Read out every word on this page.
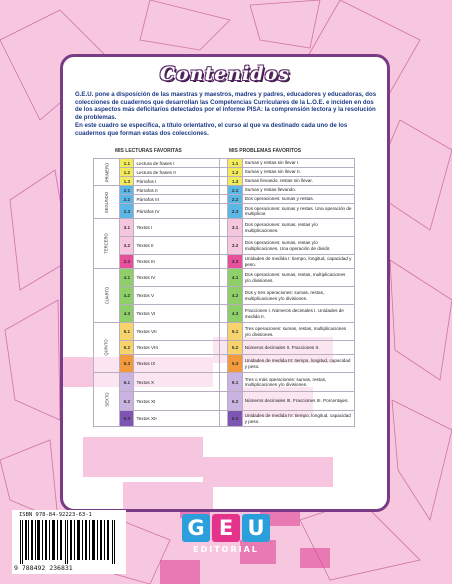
Contenidos

G.E.U. pone a disposición de las maestras y maestros, madres y padres, educadores y educadoras, dos colecciones de cuadernos que desarrollan las Competencias Curriculares de la L.O.E. e inciden en dos de los aspectos más deficitarios detectados por el informe PISA: la comprensión lectora y la resolución de problemas.

En este cuadro se especifica, a título orientativo, el curso al que va destinado cada uno de los cuadernos que forman estas dos colecciones.

MIS LECTURAS FAVORITAS	MIS PROBLEMAS FAVORITOS
PRIMERO	1.1	Lectura de frases I		1.1	Sumas y restas sin llevar I.
	1.2	Lectura de frases II		1.2	Sumas y restas sin llevar II.
	1.3	Párrafos I		1.3	Sumas llevando, restas sin llevar.
SEGUNDO	2.1	Párrafos II		2.1	Sumas y restas llevando.
	2.2	Párrafos III		2.2	Dos operaciones: sumas y restas.
	2.3	Párrafos IV		2.3	Dos operaciones: sumas y restas. Una operación de multiplicar.
TERCERO	3.1	Textos I		3.1	Dos operaciones: sumas, restas y/o multiplicaciones.
	3.2	Textos II		3.2	Dos operaciones: sumas, restas y/o multiplicaciones. Una operación de dividir.
	3.3	Textos III		3.3	Unidades de medida I: tiempo, longitud, capacidad y peso.
CUARTO	4.1	Textos IV		4.1	Dos operaciones: sumas, restas, multiplicaciones y/o divisiones.
	4.2	Textos V		4.2	Dos y tres operaciones: sumas, restas, multiplicaciones y/o divisiones.
	4.3	Textos VI		4.3	Fracciones I. Números decimales I. Unidades de medida II.
QUINTO	5.1	Textos VII		5.1	Tres operaciones: sumas, restas, multiplicaciones y/o divisiones.
	5.2	Textos VIII		5.2	Números decimales II. Fracciones II.
	5.3	Textos IX		5.3	Unidades de medida III: tiempo, longitud, capacidad y peso.
SEXTO	6.1	Textos X		6.1	Tres o más operaciones: sumas, restas, multiplicaciones y/o divisiones.
	6.2	Textos XI		6.2	Números decimales III. Fracciones III. Porcentajes.
	6.3	Textos XII		6.3	Unidades de medida IV: tiempo, longitud, capacidad y peso.
ISBN 978-84-92223-63-1
9 788492 236831
G E U
EDITORIAL
